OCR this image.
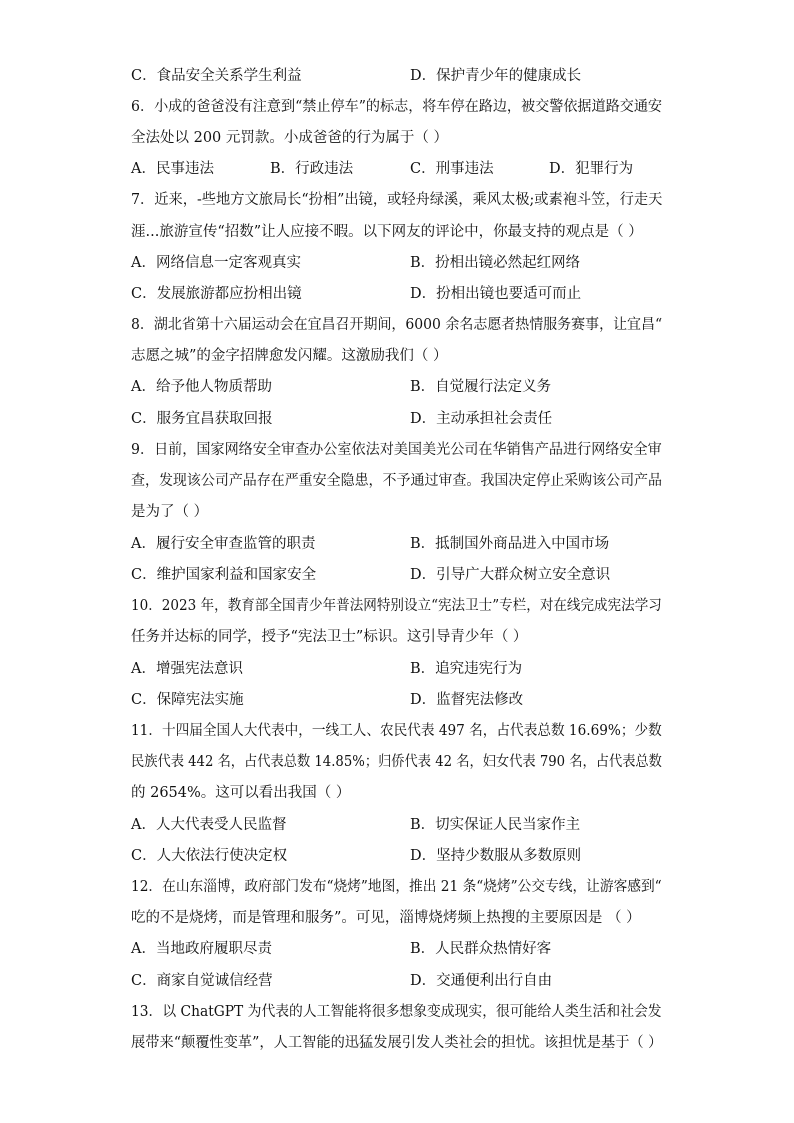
C．食品安全关系学生利益	D．保护青少年的健康成长
6．小成的爸爸没有注意到“禁止停车”的标志，将车停在路边，被交警依据道路交通安
全法处以 200 元罚款。小成爸爸的行为属于（ ）
A．民事违法	B．行政违法	C．刑事违法	D．犯罪行为
7．近来，-些地方文旅局长“扮相”出镜，或轻舟绿溪，乘风太极;或素袍斗笠，行走天
涯...旅游宣传“招数”让人应接不暇。以下网友的评论中，你最支持的观点是（ ）
A．网络信息一定客观真实	B．扮相出镜必然起红网络
C．发展旅游都应扮相出镜	D．扮相出镜也要适可而止
8．湖北省第十六届运动会在宜昌召开期间，6000 余名志愿者热情服务赛事，让宜昌“
志愿之城”的金字招牌愈发闪耀。这激励我们（ ）
A．给予他人物质帮助	B．自觉履行法定义务
C．服务宜昌获取回报	D．主动承担社会责任
9．日前，国家网络安全审查办公室依法对美国美光公司在华销售产品进行网络安全审
查，发现该公司产品存在严重安全隐患，不予通过审查。我国决定停止采购该公司产品
是为了（ ）
A．履行安全审查监管的职责	B．抵制国外商品进入中国市场
C．维护国家利益和国家安全	D．引导广大群众树立安全意识
10．2023 年，教育部全国青少年普法网特别设立“宪法卫士”专栏，对在线完成宪法学习
任务并达标的同学，授予“宪法卫士”标识。这引导青少年（ ）
A．增强宪法意识	B．追究违宪行为
C．保障宪法实施	D．监督宪法修改
11．十四届全国人大代表中，一线工人、农民代表 497 名，占代表总数 16.69%；少数
民族代表 442 名，占代表总数 14.85%；归侨代表 42 名，妇女代表 790 名，占代表总数
的 2654%。这可以看出我国（ ）
A．人大代表受人民监督	B．切实保证人民当家作主
C．人大依法行使决定权	D．坚持少数服从多数原则
12．在山东淄博，政府部门发布“烧烤”地图，推出 21 条“烧烤”公交专线，让游客感到“
吃的不是烧烤，而是管理和服务”。可见，淄博烧烤频上热搜的主要原因是 （ ）
A．当地政府履职尽责	B．人民群众热情好客
C．商家自觉诚信经营	D．交通便利出行自由
13．以 ChatGPT 为代表的人工智能将很多想象变成现实，很可能给人类生活和社会发
展带来“颠覆性变革”，人工智能的迅猛发展引发人类社会的担忧。该担忧是基于（ ）
